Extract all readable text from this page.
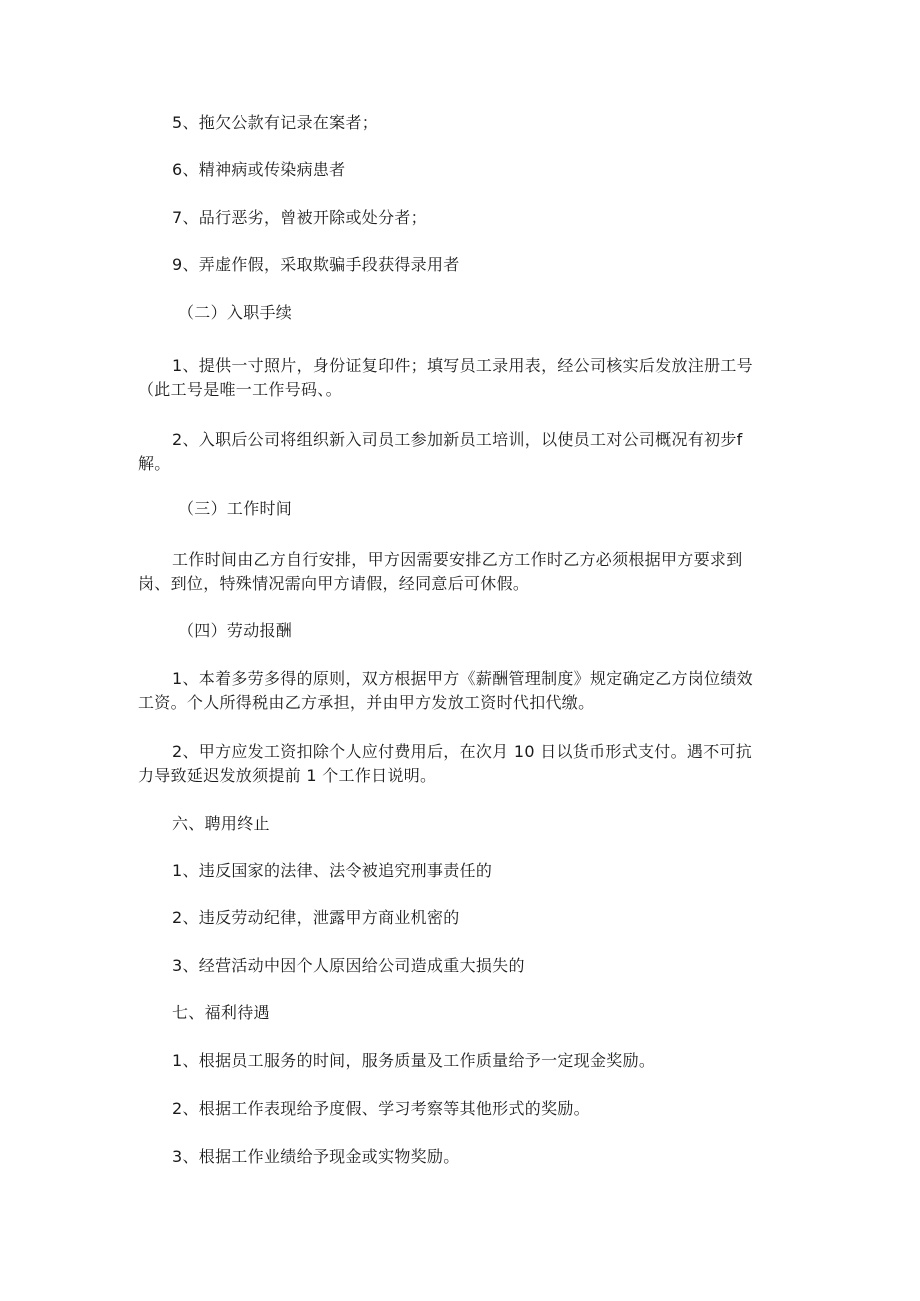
5、拖欠公款有记录在案者；
6、精神病或传染病患者
7、品行恶劣，曾被开除或处分者；
9、弄虚作假，采取欺骗手段获得录用者
（二）入职手续
1、提供一寸照片，身份证复印件；填写员工录用表，经公司核实后发放注册工号
（此工号是唯一工作号码、。
2、入职后公司将组织新入司员工参加新员工培训，以使员工对公司概况有初步f
解。
（三）工作时间
工作时间由乙方自行安排，甲方因需要安排乙方工作时乙方必须根据甲方要求到
岗、到位，特殊情况需向甲方请假，经同意后可休假。
（四）劳动报酬
1、本着多劳多得的原则，双方根据甲方《薪酬管理制度》规定确定乙方岗位绩效
工资。个人所得税由乙方承担，并由甲方发放工资时代扣代缴。
2、甲方应发工资扣除个人应付费用后，在次月 10 日以货币形式支付。遇不可抗
力导致延迟发放须提前 1 个工作日说明。
六、聘用终止
1、违反国家的法律、法令被追究刑事责任的
2、违反劳动纪律，泄露甲方商业机密的
3、经营活动中因个人原因给公司造成重大损失的
七、福利待遇
1、根据员工服务的时间，服务质量及工作质量给予一定现金奖励。
2、根据工作表现给予度假、学习考察等其他形式的奖励。
3、根据工作业绩给予现金或实物奖励。
